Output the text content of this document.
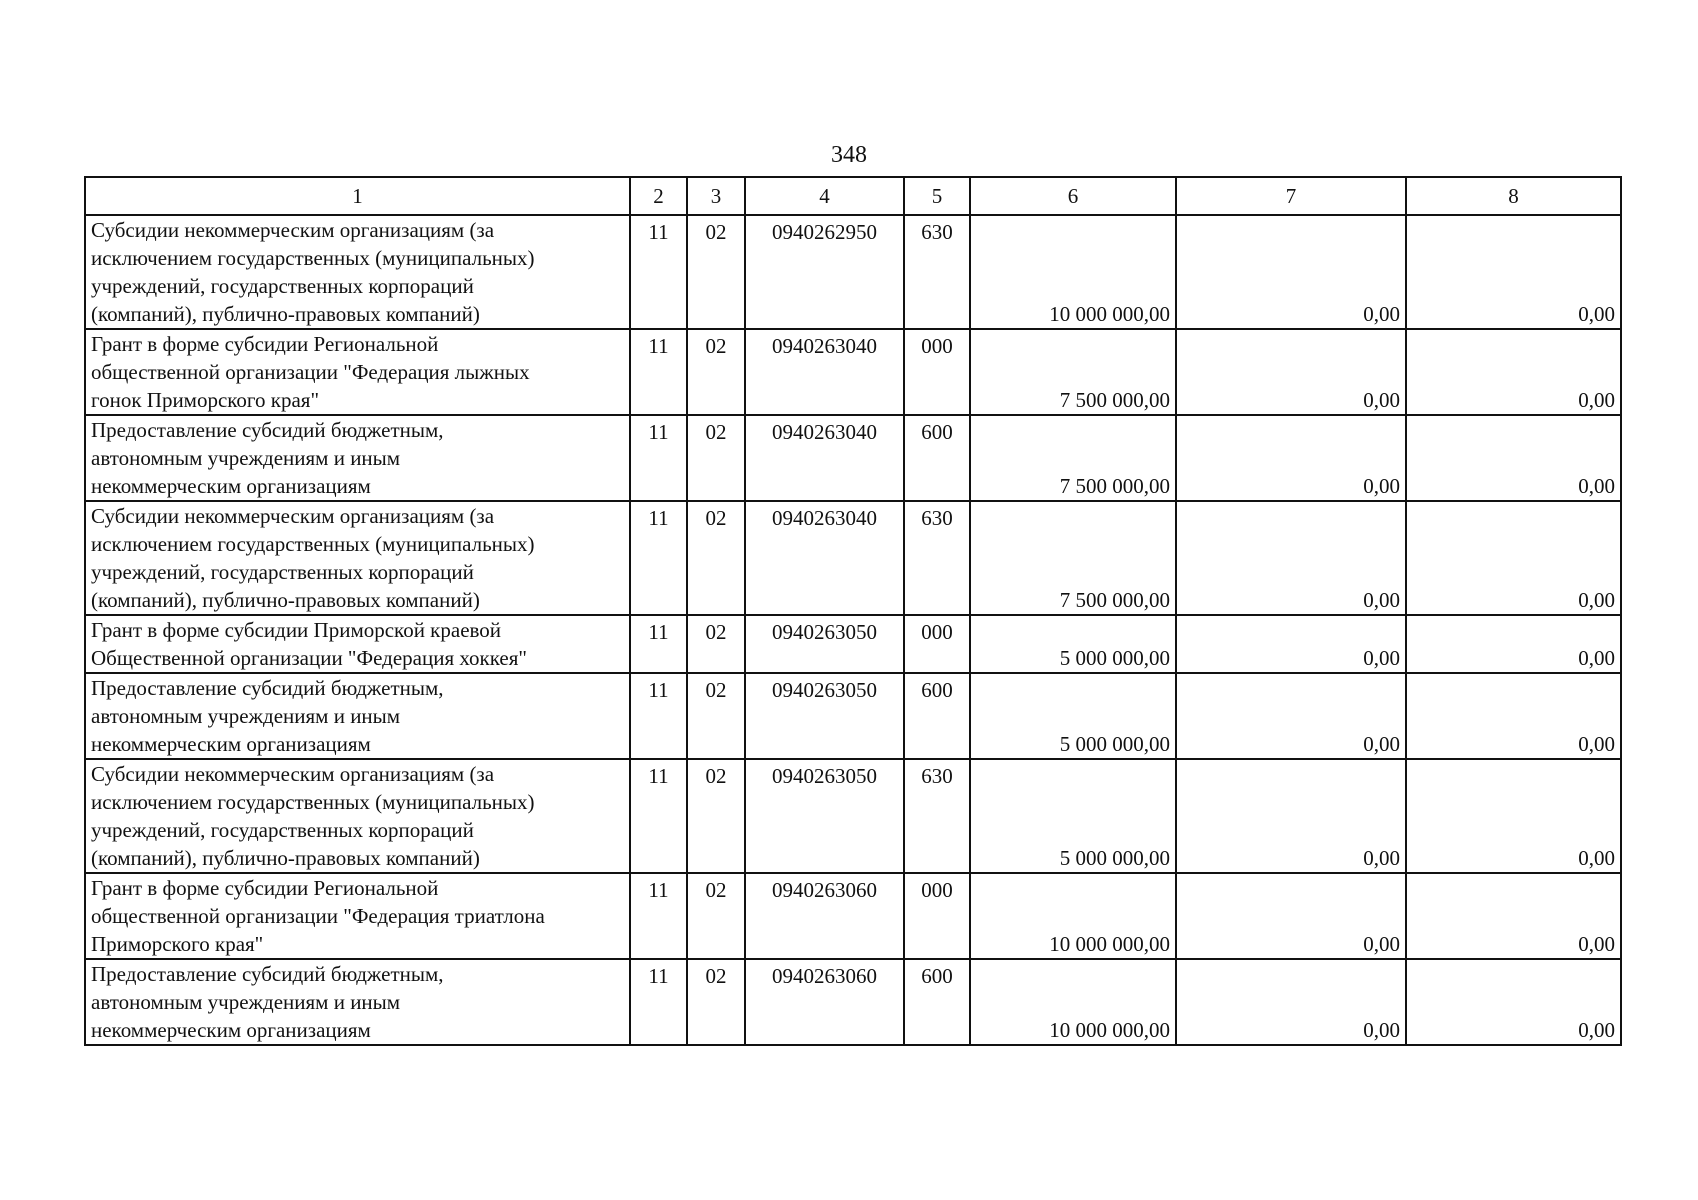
348
1	2	3	4	5	6	7	8
Субсидии некоммерческим организациям (за
исключением государственных (муниципальных)
учреждений, государственных корпораций
(компаний), публично-правовых компаний)	11	02	0940262950	630	10 000 000,00	0,00	0,00
Грант в форме субсидии Региональной
общественной организации "Федерация лыжных
гонок Приморского края"	11	02	0940263040	000	7 500 000,00	0,00	0,00
Предоставление субсидий бюджетным,
автономным учреждениям и иным
некоммерческим организациям	11	02	0940263040	600	7 500 000,00	0,00	0,00
Субсидии некоммерческим организациям (за
исключением государственных (муниципальных)
учреждений, государственных корпораций
(компаний), публично-правовых компаний)	11	02	0940263040	630	7 500 000,00	0,00	0,00
Грант в форме субсидии Приморской краевой
Общественной организации "Федерация хоккея"	11	02	0940263050	000	5 000 000,00	0,00	0,00
Предоставление субсидий бюджетным,
автономным учреждениям и иным
некоммерческим организациям	11	02	0940263050	600	5 000 000,00	0,00	0,00
Субсидии некоммерческим организациям (за
исключением государственных (муниципальных)
учреждений, государственных корпораций
(компаний), публично-правовых компаний)	11	02	0940263050	630	5 000 000,00	0,00	0,00
Грант в форме субсидии Региональной
общественной организации "Федерация триатлона
Приморского края"	11	02	0940263060	000	10 000 000,00	0,00	0,00
Предоставление субсидий бюджетным,
автономным учреждениям и иным
некоммерческим организациям	11	02	0940263060	600	10 000 000,00	0,00	0,00
